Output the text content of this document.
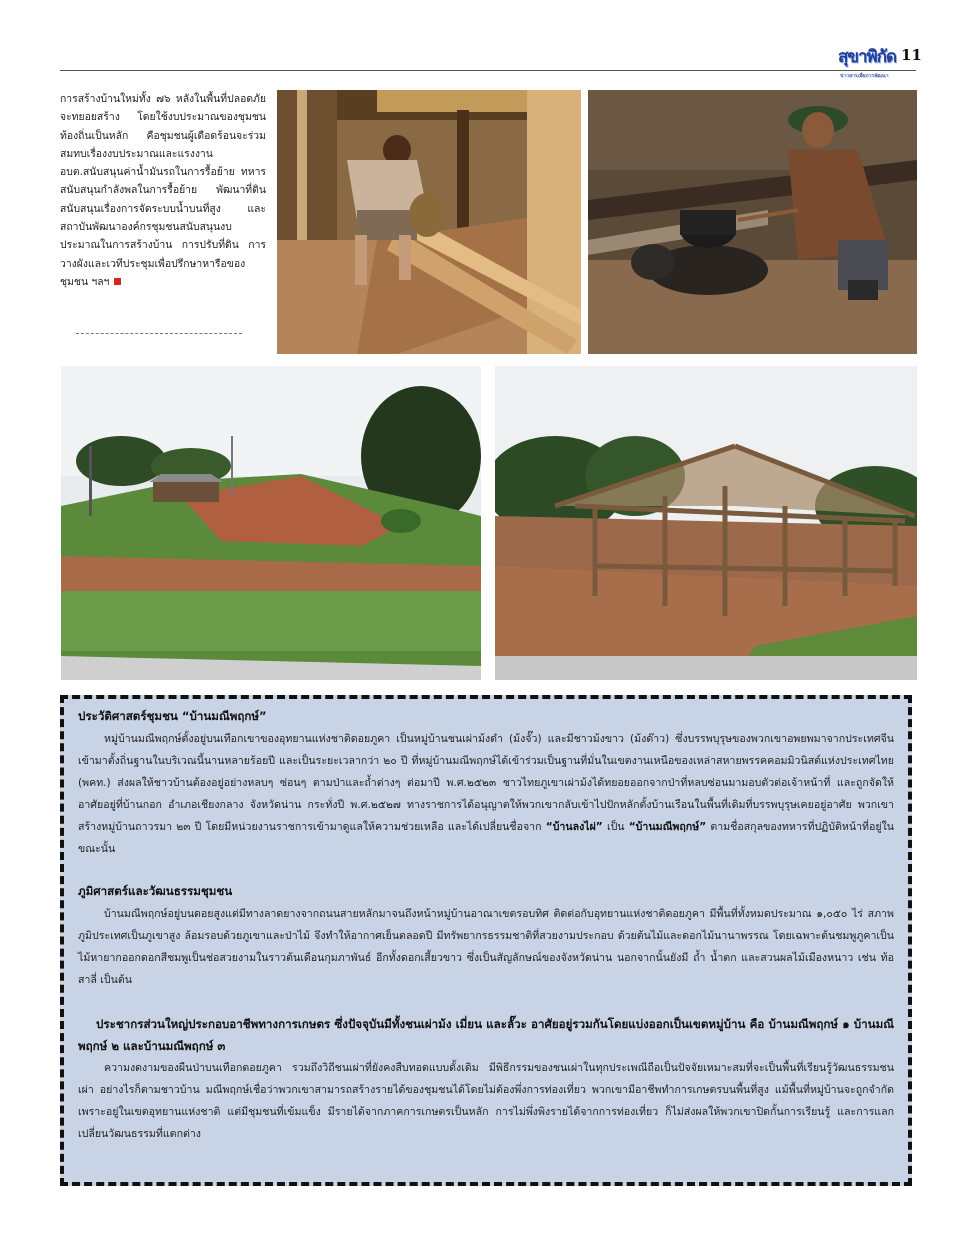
สุขาพิกัด
ข่าวสารเพื่อการพัฒนา
11

การสร้างบ้านใหม่ทั้ง ๗๖ หลังในพื้นที่ปลอดภัย จะทยอยสร้าง โดยใช้งบประมาณของชุมชนท้องถิ่นเป็นหลัก คือชุมชนผู้เดือดร้อนจะร่วมสมทบเรื่องงบประมาณและแรงงาน อบต.สนับสนุนค่าน้ำมันรถในการรื้อย้าย ทหารสนับสนุนกำลังพลในการรื้อย้าย พัฒนาที่ดินสนับสนุนเรื่องการจัดระบบน้ำบนที่สูง และสถาบันพัฒนาองค์กรชุมชนสนับสนุนงบประมาณในการสร้างบ้าน การปรับที่ดิน การวางผังและเวทีประชุมเพื่อปรึกษาหารือของชุมชน ฯลฯ

ประวัติศาสตร์ชุมชน “บ้านมณีพฤกษ์”

หมู่บ้านมณีพฤกษ์ตั้งอยู่บนเทือกเขาของอุทยานแห่งชาติดอยภูคา เป็นหมู่บ้านชนเผ่าม้งดำ (ม้งจั๊ว) และมีชาวม้งขาว (ม้งด๊าว) ซึ่งบรรพบุรุษของพวกเขาอพยพมาจากประเทศจีน เข้ามาตั้งถิ่นฐานในบริเวณนี้นานหลายร้อยปี และเป็นระยะเวลากว่า ๒๐ ปี ที่หมู่บ้านมณีพฤกษ์ได้เข้าร่วมเป็นฐานที่มั่นในเขตงานเหนือของเหล่าสหายพรรคคอมมิวนิสต์แห่งประเทศไทย (พคท.) ส่งผลให้ชาวบ้านต้องอยู่อย่างหลบๆ ซ่อนๆ ตามป่าและถ้ำต่างๆ ต่อมาปี พ.ศ.๒๕๒๓ ชาวไทยภูเขาเผ่าม้งได้ทยอยออกจากป่าที่หลบซ่อนมามอบตัวต่อเจ้าหน้าที่ และถูกจัดให้อาศัยอยู่ที่บ้านกอก อำเภอเชียงกลาง จังหวัดน่าน กระทั่งปี พ.ศ.๒๕๒๗ ทางราชการได้อนุญาตให้พวกเขากลับเข้าไปปักหลักตั้งบ้านเรือนในพื้นที่เดิมที่บรรพบุรุษเคยอยู่อาศัย พวกเขาสร้างหมู่บ้านถาวรมา ๒๓ ปี โดยมีหน่วยงานราชการเข้ามาดูแลให้ความช่วยเหลือ และได้เปลี่ยนชื่อจาก “บ้านลงไผ่” เป็น “บ้านมณีพฤกษ์” ตามชื่อสกุลของทหารที่ปฏิบัติหน้าที่อยู่ในขณะนั้น

ภูมิศาสตร์และวัฒนธรรมชุมชน

บ้านมณีพฤกษ์อยู่บนดอยสูงแต่มีทางลาดยางจากถนนสายหลักมาจนถึงหน้าหมู่บ้านอาณาเขตรอบทิศ ติดต่อกับอุทยานแห่งชาติดอยภูคา มีพื้นที่ทั้งหมดประมาณ ๑,๐๕๐ ไร่ สภาพภูมิประเทศเป็นภูเขาสูง ล้อมรอบด้วยภูเขาและป่าไม้ จึงทำให้อากาศเย็นตลอดปี มีทรัพยากรธรรมชาติที่สวยงามประกอบ ด้วยต้นไม้และดอกไม้นานาพรรณ โดยเฉพาะต้นชมพูภูคาเป็นไม้หายากออกดอกสีชมพูเป็นช่อสวยงามในราวต้นเดือนกุมภาพันธ์ อีกทั้งดอกเสี้ยวขาว ซึ่งเป็นสัญลักษณ์ของจังหวัดน่าน นอกจากนั้นยังมี ถ้ำ น้ำตก และสวนผลไม้เมืองหนาว เช่น ท้อ สาลี่ เป็นต้น

ประชากรส่วนใหญ่ประกอบอาชีพทางการเกษตร ซึ่งปัจจุบันมีทั้งชนเผ่าม้ง เมี่ยน และลั๊วะ อาศัยอยู่รวมกันโดยแบ่งออกเป็นเขตหมู่บ้าน คือ บ้านมณีพฤกษ์ ๑ บ้านมณีพฤกษ์ ๒ และบ้านมณีพฤกษ์ ๓

ความงดงามของผืนป่าบนเทือกดอยภูคา รวมถึงวิถีชนเผ่าที่ยังคงสืบทอดแบบดั้งเดิม มีพิธีกรรมของชนเผ่าในทุกประเพณีถือเป็นปัจจัยเหมาะสมที่จะเป็นพื้นที่เรียนรู้วัฒนธรรมชนเผ่า อย่างไรก็ตามชาวบ้าน มณีพฤกษ์เชื่อว่าพวกเขาสามารถสร้างรายได้ของชุมชนได้โดยไม่ต้องพึ่งการท่องเที่ยว พวกเขามีอาชีพทำการเกษตรบนพื้นที่สูง แม้พื้นที่หมู่บ้านจะถูกจำกัด เพราะอยู่ในเขตอุทยานแห่งชาติ แต่มีชุมชนที่เข้มแข็ง มีรายได้จากภาคการเกษตรเป็นหลัก การไม่พึ่งพิงรายได้จากการท่องเที่ยว ก็ไม่ส่งผลให้พวกเขาปิดกั้นการเรียนรู้ และการแลกเปลี่ยนวัฒนธรรมที่แตกต่าง
